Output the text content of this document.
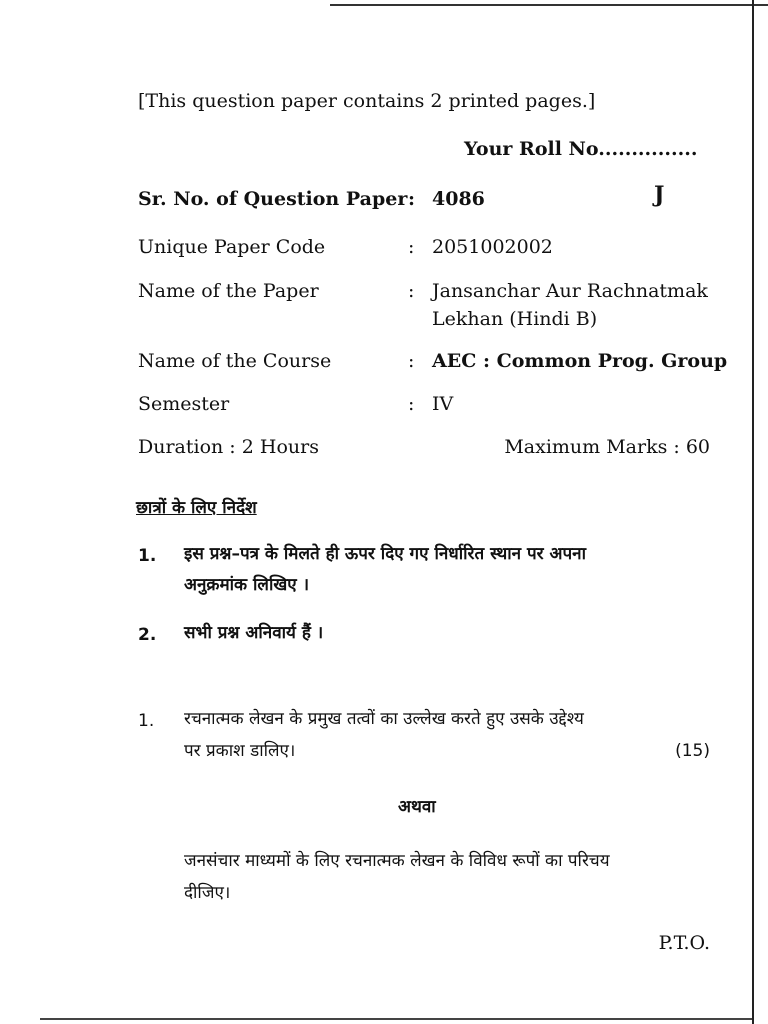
[This question paper contains 2 printed pages.]
Your Roll No...............
Sr. No. of Question Paper : 4086	J
Unique Paper Code	: 2051002002
Name of the Paper	: Jansanchar Aur Rachnatmak
Lekhan (Hindi B)
Name of the Course	: AEC : Common Prog. Group
Semester	: IV
Duration : 2 Hours	Maximum Marks : 60
छात्रों के लिए निर्देश
1. इस प्रश्न–पत्र के मिलते ही ऊपर दिए गए निर्धारित स्थान पर अपना
अनुक्रमांक लिखिए ।
2. सभी प्रश्न अनिवार्य हैं ।
1. रचनात्मक लेखन के प्रमुख तत्वों का उल्लेख करते हुए उसके उद्देश्य
पर प्रकाश डालिए।	(15)
अथवा
जनसंचार माध्यमों के लिए रचनात्मक लेखन के विविध रूपों का परिचय
दीजिए।
P.T.O.
